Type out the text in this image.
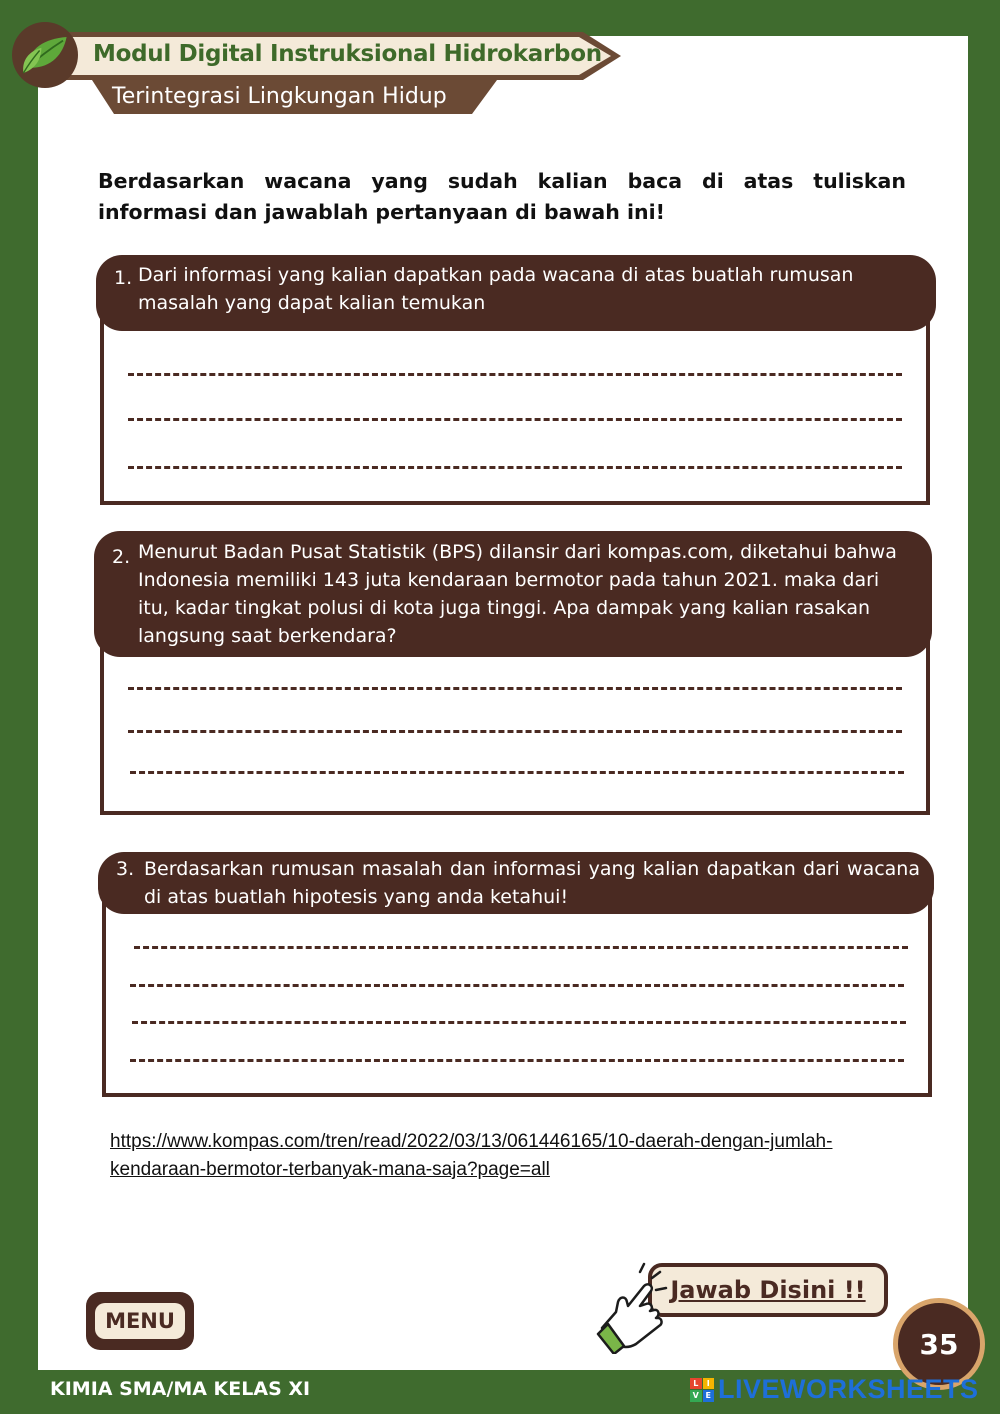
Modul Digital Instruksional Hidrokarbon
Terintegrasi Lingkungan Hidup
Berdasarkan wacana yang sudah kalian baca di atas tuliskan informasi dan jawablah pertanyaan di bawah ini!
1. Dari informasi yang kalian dapatkan pada wacana di atas buatlah rumusan masalah yang dapat kalian temukan
2. Menurut Badan Pusat Statistik (BPS) dilansir dari kompas.com, diketahui bahwa Indonesia memiliki 143 juta kendaraan bermotor pada tahun 2021. maka dari itu, kadar tingkat polusi di kota juga tinggi. Apa dampak yang kalian rasakan langsung saat berkendara?
3. Berdasarkan rumusan masalah dan informasi yang kalian dapatkan dari wacana di atas buatlah hipotesis yang anda ketahui!
https://www.kompas.com/tren/read/2022/03/13/061446165/10-daerah-dengan-jumlah-kendaraan-bermotor-terbanyak-mana-saja?page=all
Jawab Disini !!
MENU
35
KIMIA SMA/MA KELAS XI	L	I
V E LIVEWORKSHEETS
